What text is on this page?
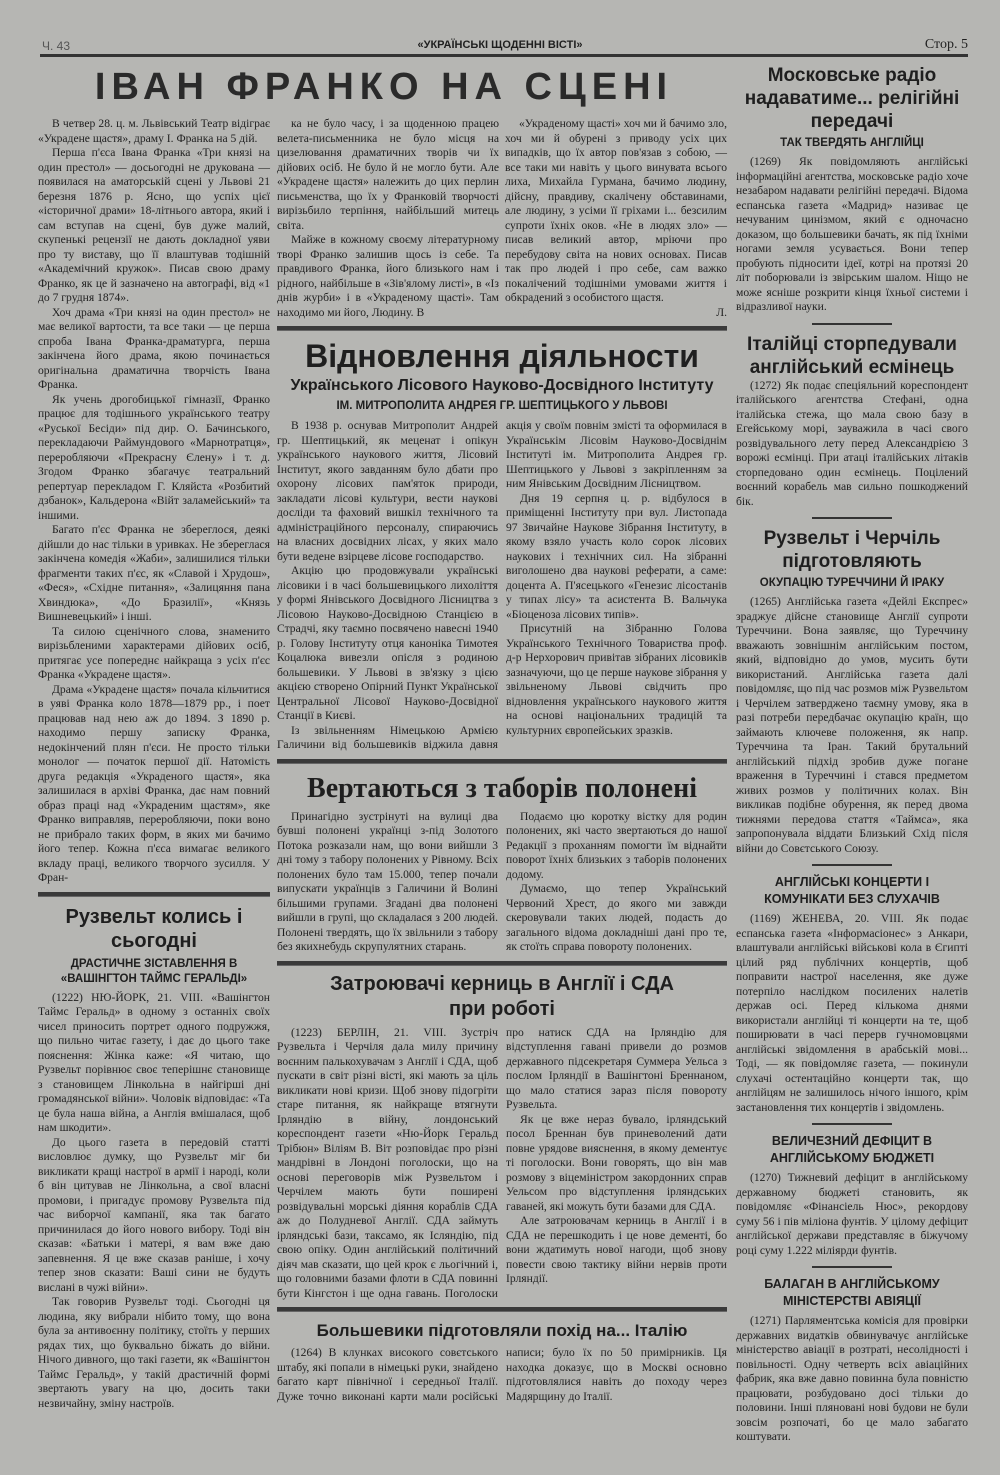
Ч. 43	«УКРАЇНСЬКІ ЩОДЕННІ ВІСТІ»	Стор. 5
ІВАН ФРАНКО НА СЦЕНІ

В четвер 28. ц. м. Львівський Театр відіграє «Украдене щастя», драму І. Франка на 5 дій.

Перша п'єса Івана Франка «Три князі на один престол» — досьогодні не друкована — появилася на аматорській сцені у Львові 21 березня 1876 р. Ясно, що успіх цієї «історичної драми» 18-літнього автора, який і сам вступав на сцені, був дуже малий, скупенькі рецензії не дають докладної уяви про ту виставу, що її влаштував тодішній «Академічний кружок». Писав свою драму Франко, як це й зазначено на автографі, від «1 до 7 грудня 1874».

Хоч драма «Три князі на один престол» не має великої вартости, та все таки — це перша спроба Івана Франка-драматурга, перша закінчена його драма, якою починається оригінальна драматична творчість Івана Франка.

Як учень дрогобицької гімназії, Франко працює для тодішнього українського театру «Руської Бесіди» під дир. О. Бачинського, перекладаючи Раймундового «Марнотратця», переробляючи «Прекрасну Єлену» і т. д. Згодом Франко збагачує театральний репертуар перекладом Г. Кляйста «Розбитий дзбанок», Кальдерона «Війт заламейський» та іншими.

Багато п'єс Франка не збереглося, деякі дійшли до нас тільки в уривках. Не збереглася закінчена комедія «Жаби», залишилися тільки фрагменти таких п'єс, як «Славой і Хрудош», «Феся», «Східне питання», «Залицяння пана Хвиндюка», «До Бразилії», «Князь Вишневецький» і інші.

Та силою сценічного слова, знаменито вирізьбленими характерами дійових осіб, притягає усе попереднє найкраща з усіх п'єс Франка «Украдене щастя».

Драма «Украдене щастя» почала кільчитися в уяві Франка коло 1878—1879 рр., і поет працював над нею аж до 1894. З 1890 р. находимо першу записку Франка, недокінчений плян п'єси. Не просто тільки монолог — початок першої дії. Натомість друга редакція «Украденого щастя», яка залишилася в архіві Франка, дає нам повний образ праці над «Украденим щастям», яке Франко виправляв, переробляючи, поки воно не прибрало таких форм, в яких ми бачимо його тепер. Кожна п'єса вимагає великого вкладу праці, великого творчого зусилля. У Фран-

Рузвельт колись і сьогодні
ДРАСТИЧНЕ ЗІСТАВЛЕННЯ В «ВАШІНГТОН ТАЙМС ГЕРАЛЬДІ»

(1222) НЮ-ЙОРК, 21. VIII. «Вашінгтон Таймс Геральд» в одному з останніх своїх чисел приносить портрет одного подружжя, що пильно читає газету, і дає до цього таке пояснення: Жінка каже: «Я читаю, що Рузвельт порівнює своє теперішнє становище з становищем Лінкольна в найгірші дні громадянської війни». Чоловік відповідає: «Та це була наша війна, а Англія вмішалася, щоб нам шкодити».

До цього газета в передовій статті висловлює думку, що Рузвельт міг би викликати кращі настрої в армії і народі, коли б він цитував не Лінкольна, а свої власні промови, і пригадує промову Рузвельта під час виборчої кампанії, яка так багато причинилася до його нового вибору. Тоді він сказав: «Батьки і матері, я вам вже даю запевнення. Я це вже сказав раніше, і хочу тепер знов сказати: Ваші сини не будуть вислані в чужі війни».

Так говорив Рузвельт тоді. Сьогодні ця людина, яку вибрали нібито тому, що вона була за антивоєнну політику, стоїть у перших рядах тих, що буквально біжать до війни. Нічого дивного, що такі газети, як «Вашінгтон Таймс Геральд», у такій драстичній формі звертають увагу на цю, досить таки незвичайну, зміну настроїв.

ка не було часу, і за щоденною працею велета-письменника не було місця на цизелювання драматичних творів чи їх дійових осіб. Не було й не могло бути. Але «Украдене щастя» належить до цих перлин письменства, що їх у Франковій творчості вирізьбило терпіння, найбільший митець світа.

Майже в кожному своєму літературному творі Франко залишив щось із себе. Та правдивого Франка, його близького нам і рідного, найбільше в «Зів'ялому листі», в «Із днів журби» і в «Украденому щасті». Там находимо ми його, Людину. В

«Украденому щасті» хоч ми й бачимо зло, хоч ми й обурені з приводу усіх цих випадків, що їх автор пов'язав з собою, — все таки ми навіть у цього винувата всього лиха, Михайла Гурмана, бачимо людину, дійсну, правдиву, скалічену обставинами, але людину, з усіми її гріхами і... безсилим супроти їхніх оков. «Не в людях зло» — писав великий автор, мріючи про перебудову світа на нових основах. Писав так про людей і про себе, сам важко покалічений тодішніми умовами життя і обкрадений з особистого щастя.

Л.
Відновлення діяльности
Українського Лісового Науково-Досвідного Інституту
ІМ. МИТРОПОЛИТА АНДРЕЯ ГР. ШЕПТИЦЬКОГО У ЛЬВОВІ

В 1938 р. оснував Митрополит Андрей гр. Шептицький, як меценат і опікун українського наукового життя, Лісовий Інститут, якого завданням було дбати про охорону лісових пам'яток природи, закладати лісові культури, вести наукові досліди та фаховий вишкіл технічного та адміністраційного персоналу, спираючись на власних досвідних лісах, у яких мало бути ведене взірцеве лісове господарство.

Акцію цю продовжували українські лісовики і в часі большевицького лихоліття у формі Янівського Досвідного Лісництва з Лісовою Науково-Досвідною Станцією в Страдчі, яку таємно посвячено навесні 1940 р. Голову Інституту отця каноніка Тимотея Коцалюка вивезли опісля з родиною большевики. У Львові в зв'язку з цією акцією створено Опірний Пункт Української Центральної Лісової Науково-Досвідної Станції в Києві.

Із звільненням Німецькою Армією Галичини від большевиків віджила давня акція у своїм повнім змісті та оформилася в Українськім Лісовім Науково-Досвіднім Інституті ім. Митрополита Андрея гр. Шептицького у Львові з закріпленням за ним Янівським Досвідним Лісництвом.

Дня 19 серпня ц. р. відбулося в приміщенні Інституту при вул. Листопада 97 Звичайне Наукове Зібрання Інституту, в якому взяло участь коло сорок лісових наукових і технічних сил. На зібранні виголошено два наукові реферати, а саме: доцента А. П'ясецького «Генезис лісостанів у типах лісу» та асистента В. Вальчука «Біоценоза лісових типів».

Присутній на Зібранню Голова Українського Технічного Товариства проф. д-р Нерхорович привітав зібраних лісовиків зазначуючи, що це перше наукове зібрання у звільненому Львові свідчить про відновлення українського наукового життя на основі національних традицій та культурних європейських зразків.

Вертаються з таборів полонені

Принагідно зустрінуті на вулиці два бувші полонені українці з-під Золотого Потока розказали нам, що вони вийшли 3 дні тому з табору полонених у Рівному. Всіх полонених було там 15.000, тепер почали випускати українців з Галичини й Волині більшими групами. Згадані два полонені вийшли в групі, що складалася з 200 людей. Полонені твердять, що їх звільнили з табору без якихнебудь скрупулятних старань.

Подаємо цю коротку вістку для родин полонених, які часто звертаються до нашої Редакції з проханням помогти їм віднайти поворот їхніх близьких з таборів полонених додому.

Думаємо, що тепер Український Червоний Хрест, до якого ми завжди скеровували таких людей, подасть до загального відома докладніші дані про те, як стоїть справа повороту полонених.

Затроювачі керниць в Англії і СДА
при роботі

(1223) БЕРЛІН, 21. VIII. Зустріч Рузвельта і Черчіля дала милу причину воєнним палькохувачам з Англії і СДА, щоб пускати в світ різні вісті, які мають за ціль викликати нові кризи. Щоб знову підогріти старе питання, як найкраще втягнути Ірляндію в війну, лондонський кореспондент газети «Ню-Йорк Геральд Трібюн» Віліям В. Віт розповідає про різні мандрівні в Лондоні поголоски, що на основі переговорів між Рузвельтом і Черчілем мають бути поширені розвідувальні морські діяння кораблів СДА аж до Полудневої Англії. СДА займуть ірляндські бази, таксамо, як Ісляндію, під свою опіку. Один англійський політичний діяч мав сказати, що цей крок є льогічний і, що головними базами флоти в СДА повинні бути Кінгстон і ще одна гавань. Поголоски про натиск СДА на Ірляндію для відступлення гавані привели до розмов державного підсекретаря Суммера Уельса з послом Ірляндії в Вашінгтоні Бреннаном, що мало статися зараз після повороту Рузвельта.

Як це вже нераз бувало, ірляндський посол Бреннан був приневолений дати повне урядове вияснення, в якому дементує ті поголоски. Вони говорять, що він мав розмову з віцеміністром закордонних справ Уельсом про відступлення ірляндських гаваней, які можуть бути базами для СДА.

Але затроювачам керниць в Англії і в СДА не перешкодить і це нове дементі, бо вони ждатимуть нової нагоди, щоб знову повести свою тактику війни нервів проти Ірляндії.

Большевики підготовляли похід на... Італію

(1264) В клунках високого совєтського штабу, які попали в німецькі руки, знайдено багато карт північної і середньої Італії. Дуже точно виконані карти мали російські написи; було їх по 50 примірників. Ця находка доказує, що в Москві основно підготовлялися навіть до походу через Мадярщину до Італії.

Московське радіо надаватиме... релігійні передачі
ТАК ТВЕРДЯТЬ АНГЛІЙЦІ

(1269) Як повідомляють англійські інформаційні агентства, московське радіо хоче незабаром надавати релігійні передачі. Відома еспанська газета «Мадрид» називає це нечуваним цинізмом, який є одночасно доказом, що большевики бачать, як під їхніми ногами земля усувається. Вони тепер пробують підносити ідеї, котрі на протязі 20 літ поборювали із звірським шалом. Ніщо не може ясніше розкрити кінця їхньої системи і відразливої науки.

Італійці сторпедували англійський есмінець

(1272) Як подає спеціяльний кореспондент італійського агентства Стефані, одна італійська стежа, що мала свою базу в Егейському морі, зауважила в часі свого розвідувального лету перед Александрією 3 ворожі есмінці. При атаці італійських літаків сторпедовано один есмінець. Поцілений воєнний корабель мав сильно пошкоджений бік.

Рузвельт і Черчіль підготовляють
ОКУПАЦІЮ ТУРЕЧЧИНИ Й ІРАКУ

(1265) Англійська газета «Дейлі Експрес» зраджує дійсне становище Англії супроти Туреччини. Вона заявляє, що Туреччину вважають зовнішнім англійським постом, який, відповідно до умов, мусить бути використаний. Англійська газета далі повідомляє, що під час розмов між Рузвельтом і Черчілем затверджено таємну умову, яка в разі потреби передбачає окупацію країн, що займають ключеве положення, як напр. Туреччина та Іран. Такий брутальний англійський підхід зробив дуже погане враження в Туреччині і стався предметом живих розмов у політичних колах. Він викликав подібне обурення, як перед двома тижнями передова стаття «Таймса», яка запропонувала віддати Близький Схід після війни до Совєтського Союзу.

АНГЛІЙСЬКІ КОНЦЕРТИ І КОМУНІКАТИ БЕЗ СЛУХАЧІВ

(1169) ЖЕНЕВА, 20. VIII. Як подає еспанська газета «Інформасіонес» з Анкари, влаштували англійські військові кола в Єгипті цілий ряд публічних концертів, щоб поправити настрої населення, яке дуже потерпіло наслідком посилених налетів держав осі. Перед кількома днями використали англійці ті концерти на те, щоб поширювати в часі перерв гучномовцями англійські звідомлення в арабській мові... Тоді, — як повідомляє газета, — покинули слухачі остентаційно концерти так, що англійцям не залишилось нічого іншого, крім застановлення тих концертів і звідомлень.

ВЕЛИЧЕЗНИЙ ДЕФІЦИТ В АНГЛІЙСЬКОМУ БЮДЖЕТІ

(1270) Тижневий дефіцит в англійському державному бюджеті становить, як повідомляє «Фінансіель Нюс», рекордову суму 56 і пів міліона фунтів. У цілому дефіцит англійської держави представляє в біжучому році суму 1.222 міліярди фунтів.

БАЛАГАН В АНГЛІЙСЬКОМУ МІНІСТЕРСТВІ АВІЯЦІЇ

(1271) Парляментська комісія для провірки державних видатків обвинувачує англійське міністерство авіації в розтраті, несолідності і повільності. Одну четверть всіх авіаційних фабрик, яка вже давно повинна була повністю працювати, розбудовано досі тільки до половини. Інші пляновані нові будови не були зовсім розпочаті, бо це мало забагато коштувати.
